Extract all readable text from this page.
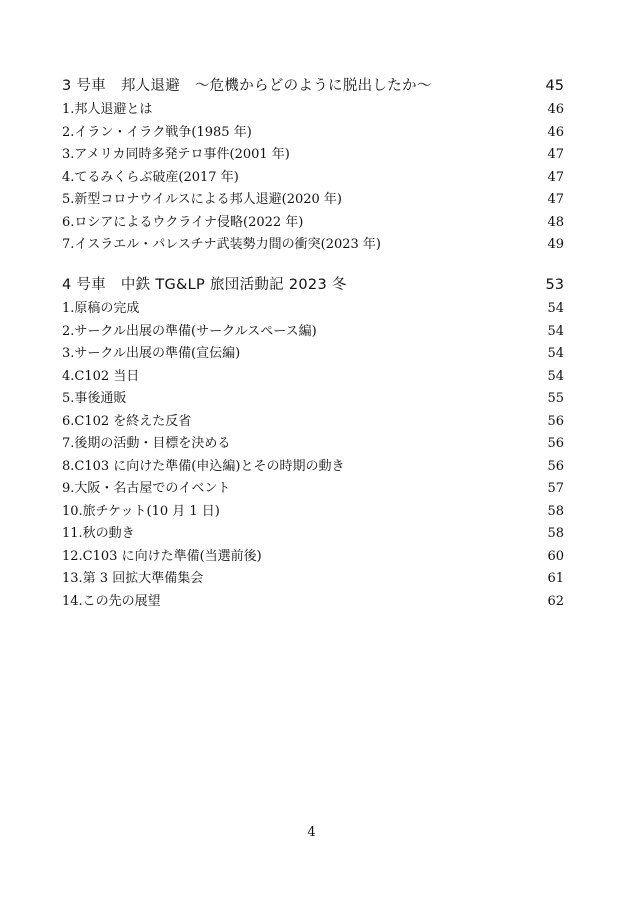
3 号車　邦人退避　～危機からどのように脱出したか～	45
1.邦人退避とは	46
2.イラン・イラク戦争(1985 年)	46
3.アメリカ同時多発テロ事件(2001 年)	47
4.てるみくらぶ破産(2017 年)	47
5.新型コロナウイルスによる邦人退避(2020 年)	47
6.ロシアによるウクライナ侵略(2022 年)	48
7.イスラエル・パレスチナ武装勢力間の衝突(2023 年)	49
4 号車　中鉄 TG&LP 旅団活動記 2023 冬	53
1.原稿の完成	54
2.サークル出展の準備(サークルスペース編)	54
3.サークル出展の準備(宣伝編)	54
4.C102 当日	54
5.事後通販	55
6.C102 を終えた反省	56
7.後期の活動・目標を決める	56
8.C103 に向けた準備(申込編)とその時期の動き	56
9.大阪・名古屋でのイベント	57
10.旅チケット(10 月 1 日)	58
11.秋の動き	58
12.C103 に向けた準備(当選前後)	60
13.第 3 回拡大準備集会	61
14.この先の展望	62
4
